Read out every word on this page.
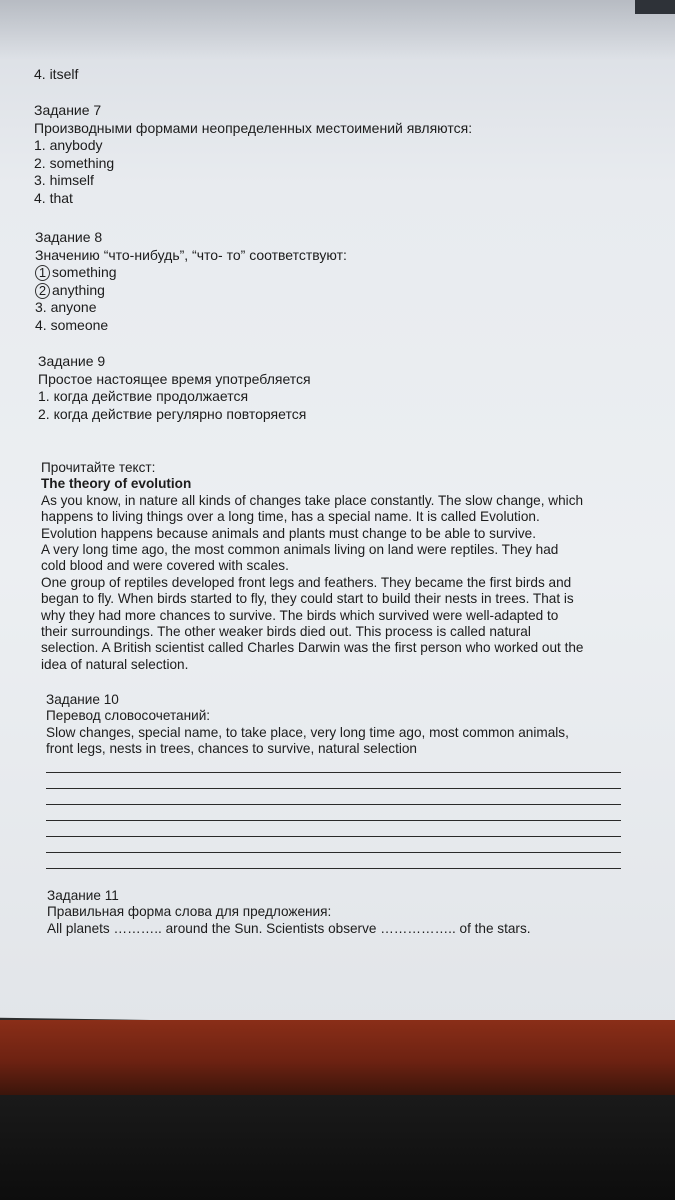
4. itself
Задание 7
Производными формами неопределенных местоимений являются:
1. anybody
2. something
3. himself
4. that
Задание 8
Значению “что-нибудь”, “что- то” соответствуют:
1 something
2 anything
3. anyone
4. someone
Задание 9
Простое настоящее время употребляется
1. когда действие продолжается
2. когда действие регулярно повторяется
Прочитайте текст:
The theory of evolution
As you know, in nature all kinds of changes take place constantly. The slow change, which
happens to living things over a long time, has a special name. It is called Evolution.
Evolution happens because animals and plants must change to be able to survive.
A very long time ago, the most common animals living on land were reptiles. They had
cold blood and were covered with scales.
One group of reptiles developed front legs and feathers. They became the first birds and
began to fly. When birds started to fly, they could start to build their nests in trees. That is
why they had more chances to survive. The birds which survived were well-adapted to
their surroundings. The other weaker birds died out. This process is called natural
selection. A British scientist called Charles Darwin was the first person who worked out the
idea of natural selection.
Задание 10
Перевод словосочетаний:
Slow changes, special name, to take place, very long time ago, most common animals,
front legs, nests in trees, chances to survive, natural selection
Задание 11
Правильная форма слова для предложения:
All planets ……….. around the Sun. Scientists observe …………….. of the stars.
